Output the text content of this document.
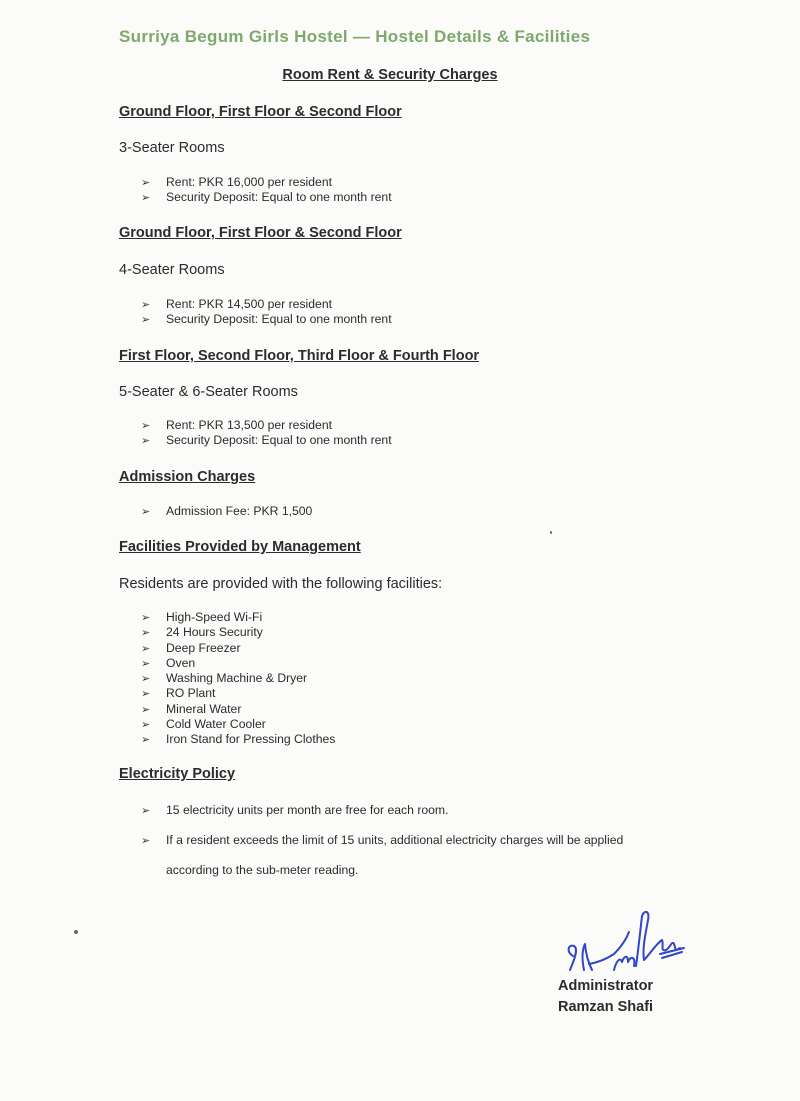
Surriya Begum Girls Hostel — Hostel Details & Facilities
Room Rent & Security Charges
Ground Floor, First Floor & Second Floor
3-Seater Rooms
➢ Rent: PKR 16,000 per resident
➢ Security Deposit: Equal to one month rent
Ground Floor, First Floor & Second Floor
4-Seater Rooms
➢ Rent: PKR 14,500 per resident
➢ Security Deposit: Equal to one month rent
First Floor, Second Floor, Third Floor & Fourth Floor
5-Seater & 6-Seater Rooms
➢ Rent: PKR 13,500 per resident
➢ Security Deposit: Equal to one month rent
Admission Charges
➢ Admission Fee: PKR 1,500
Facilities Provided by Management
Residents are provided with the following facilities:
➢ High-Speed Wi-Fi
➢ 24 Hours Security
➢ Deep Freezer
➢ Oven
➢ Washing Machine & Dryer
➢ RO Plant
➢ Mineral Water
➢ Cold Water Cooler
➢ Iron Stand for Pressing Clothes
Electricity Policy
➢ 15 electricity units per month are free for each room.
➢ If a resident exceeds the limit of 15 units, additional electricity charges will be applied
according to the sub-meter reading.
Administrator
Ramzan Shafi
